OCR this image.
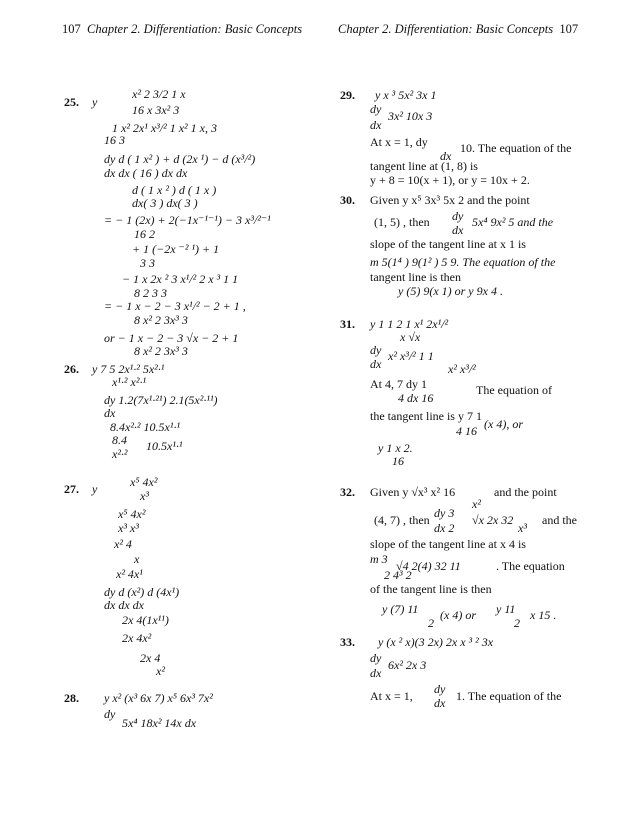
107 Chapter 2. Differentiation: Basic Concepts	Chapter 2. Differentiation: Basic Concepts 107
25. y
x² 2 3/2 1 x
16 x 3x² 3
1 x² 2x¹ x³/² 1 x² 1 x, 3
16 3
dy d ( 1 x² ) + d (2x ¹) − d (x³/²)
dx dx ( 16 ) dx dx
d ( 1 x ² ) d ( 1 x )
dx( 3 ) dx( 3 )
= − 1 (2x) + 2(−1x⁻¹⁻¹) − 3 x³/²⁻¹
16 2
+ 1 (−2x ⁻² ¹) + 1
3 3
− 1 x 2x ² 3 x¹/² 2 x ³ 1 1
8 2 3 3
= − 1 x − 2 − 3 x¹/² − 2 + 1 ,
8 x² 2 3x³ 3
or − 1 x − 2 − 3 √x − 2 + 1
8 x² 2 3x³ 3
26. y 7 5 2x¹·² 5x²·¹
x¹·² x²·¹
dy 1.2(7x¹·²¹) 2.1(5x²·¹¹)
dx
8.4x²·² 10.5x¹·¹
8.4 10.5x¹·¹
x²·²
27. y	x⁵ 4x²
x³
x⁵ 4x²
x³ x³
x² 4
x
x² 4x¹
dy d (x²) d (4x¹)
dx dx dx
2x 4(1x¹¹)
2x 4x²
2x 4
x²
28. y x² (x³ 6x 7) x⁵ 6x³ 7x²
dy
5x⁴ 18x² 14x dx
29. y x ³ 5x² 3x 1
dy 3x² 10x 3
dx
At x = 1, dy	10. The equation of the
dx
tangent line at (1, 8) is
y + 8 = 10(x + 1), or y = 10x + 2.
30. Given y x⁵ 3x³ 5x 2 and the point
(1, 5) , then dy 5x⁴ 9x² 5 and the
dx
slope of the tangent line at x 1 is
m 5(1⁴ ) 9(1² ) 5 9. The equation of the
tangent line is then
y (5) 9(x 1) or y 9x 4 .
31. y 1 1 2 1 x¹ 2x¹/²
x √x
dy x² x³/² 1 1
dx	x² x³/²
At 4, 7 dy 1	The equation of
4 dx 16
the tangent line is y 7 1
(x 4), or
4 16
y 1 x 2.
16
32. Given y √x³ x² 16	and the point
x²
(4, 7) , then dy 3 √x 2x 32 and the
dx 2	x³
slope of the tangent line at x 4 is
m 3 √4 2(4) 32 11	. The equation
2 4³ 2
of the tangent line is then
y (7) 11 (x 4) or y 11 x 15 .
2	2
33. y (x ² x)(3 2x) 2x x ³ ² 3x
dy 6x² 2x 3
dx
At x = 1, dy 1. The equation of the
dx
